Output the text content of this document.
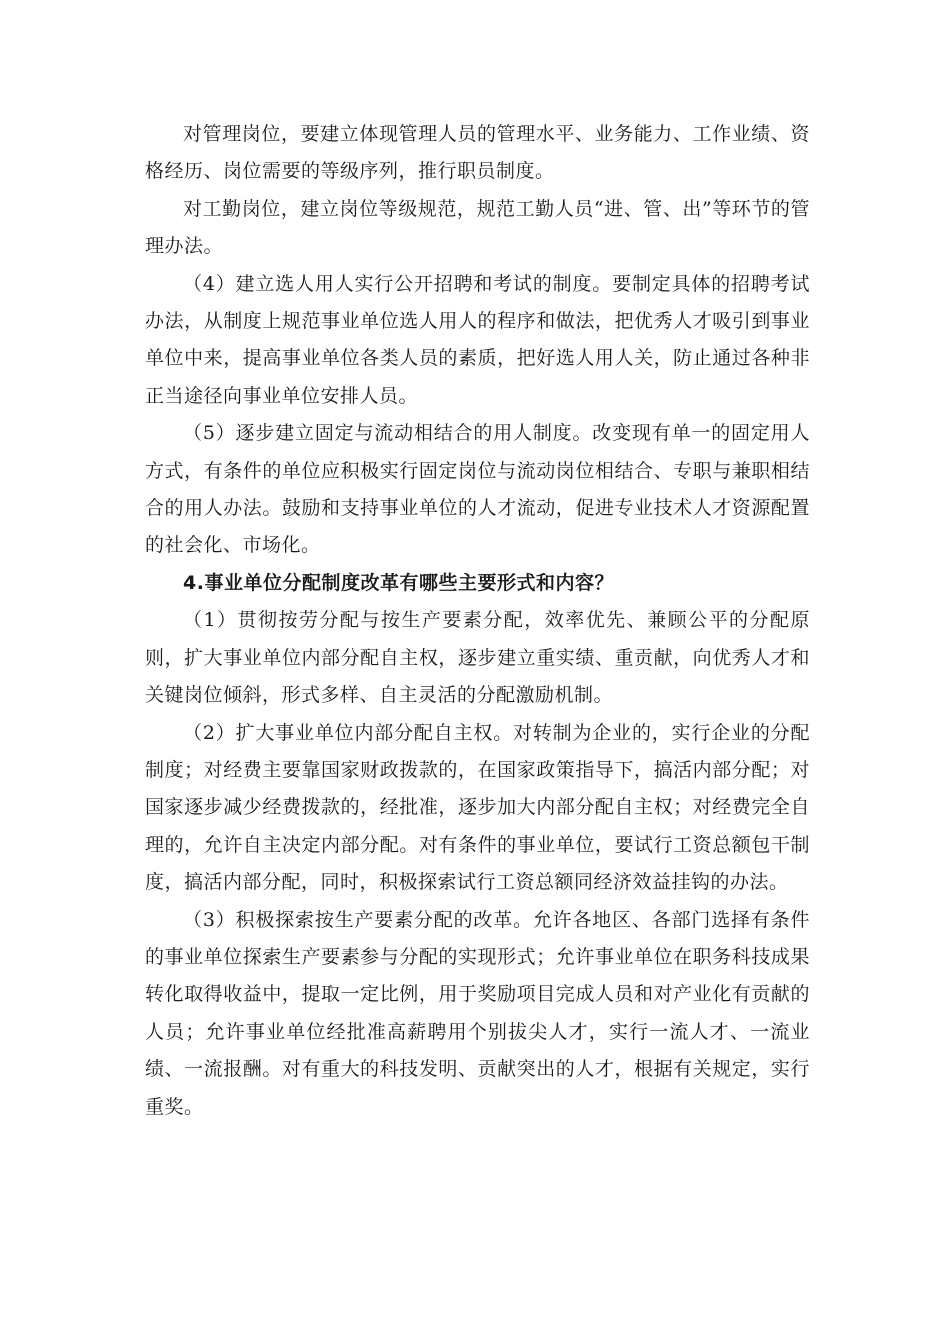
对管理岗位，要建立体现管理人员的管理水平、业务能力、工作业绩、资格经历、岗位需要的等级序列，推行职员制度。

对工勤岗位，建立岗位等级规范，规范工勤人员“进、管、出”等环节的管理办法。

（4）建立选人用人实行公开招聘和考试的制度。要制定具体的招聘考试办法，从制度上规范事业单位选人用人的程序和做法，把优秀人才吸引到事业单位中来，提高事业单位各类人员的素质，把好选人用人关，防止通过各种非正当途径向事业单位安排人员。

（5）逐步建立固定与流动相结合的用人制度。改变现有单一的固定用人方式，有条件的单位应积极实行固定岗位与流动岗位相结合、专职与兼职相结合的用人办法。鼓励和支持事业单位的人才流动，促进专业技术人才资源配置的社会化、市场化。

4.事业单位分配制度改革有哪些主要形式和内容？

（1）贯彻按劳分配与按生产要素分配，效率优先、兼顾公平的分配原则，扩大事业单位内部分配自主权，逐步建立重实绩、重贡献，向优秀人才和关键岗位倾斜，形式多样、自主灵活的分配激励机制。

（2）扩大事业单位内部分配自主权。对转制为企业的，实行企业的分配制度；对经费主要靠国家财政拨款的，在国家政策指导下，搞活内部分配；对国家逐步减少经费拨款的，经批准，逐步加大内部分配自主权；对经费完全自理的，允许自主决定内部分配。对有条件的事业单位，要试行工资总额包干制度，搞活内部分配，同时，积极探索试行工资总额同经济效益挂钩的办法。

（3）积极探索按生产要素分配的改革。允许各地区、各部门选择有条件的事业单位探索生产要素参与分配的实现形式；允许事业单位在职务科技成果转化取得收益中，提取一定比例，用于奖励项目完成人员和对产业化有贡献的人员；允许事业单位经批准高薪聘用个别拔尖人才，实行一流人才、一流业绩、一流报酬。对有重大的科技发明、贡献突出的人才，根据有关规定，实行重奖。
